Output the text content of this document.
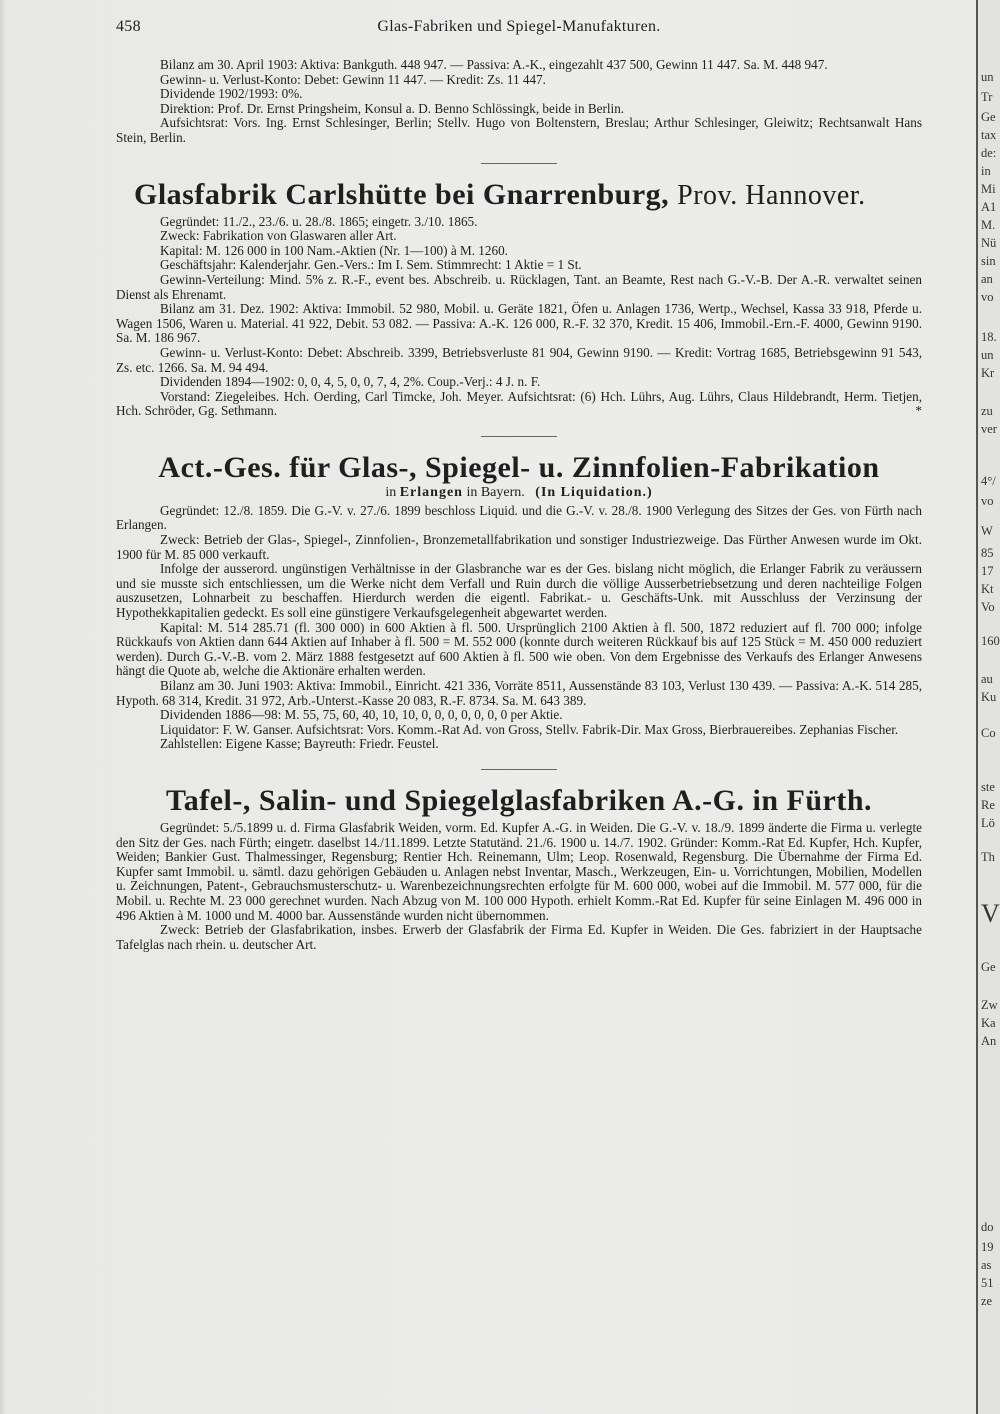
458	Glas-Fabriken und Spiegel-Manufakturen.

Bilanz am 30. April 1903: Aktiva: Bankguth. 448 947. — Passiva: A.-K., eingezahlt 437 500, Gewinn 11 447. Sa. M. 448 947.

Gewinn- u. Verlust-Konto: Debet: Gewinn 11 447. — Kredit: Zs. 11 447.

Dividende 1902/1993: 0%.

Direktion: Prof. Dr. Ernst Pringsheim, Konsul a. D. Benno Schlössingk, beide in Berlin.

Aufsichtsrat: Vors. Ing. Ernst Schlesinger, Berlin; Stellv. Hugo von Boltenstern, Breslau; Arthur Schlesinger, Gleiwitz; Rechtsanwalt Hans Stein, Berlin.

Glasfabrik Carlshütte bei Gnarrenburg, Prov. Hannover.

Gegründet: 11./2., 23./6. u. 28./8. 1865; eingetr. 3./10. 1865.

Zweck: Fabrikation von Glaswaren aller Art.

Kapital: M. 126 000 in 100 Nam.-Aktien (Nr. 1—100) à M. 1260.

Geschäftsjahr: Kalenderjahr. Gen.-Vers.: Im I. Sem. Stimmrecht: 1 Aktie = 1 St.

Gewinn-Verteilung: Mind. 5% z. R.-F., event bes. Abschreib. u. Rücklagen, Tant. an Beamte, Rest nach G.-V.-B. Der A.-R. verwaltet seinen Dienst als Ehrenamt.

Bilanz am 31. Dez. 1902: Aktiva: Immobil. 52 980, Mobil. u. Geräte 1821, Öfen u. Anlagen 1736, Wertp., Wechsel, Kassa 33 918, Pferde u. Wagen 1506, Waren u. Material. 41 922, Debit. 53 082. — Passiva: A.-K. 126 000, R.-F. 32 370, Kredit. 15 406, Immobil.-Ern.-F. 4000, Gewinn 9190. Sa. M. 186 967.

Gewinn- u. Verlust-Konto: Debet: Abschreib. 3399, Betriebsverluste 81 904, Gewinn 9190. — Kredit: Vortrag 1685, Betriebsgewinn 91 543, Zs. etc. 1266. Sa. M. 94 494.

Dividenden 1894—1902: 0, 0, 4, 5, 0, 0, 7, 4, 2%. Coup.-Verj.: 4 J. n. F.

Vorstand: Ziegeleibes. Hch. Oerding, Carl Timcke, Joh. Meyer. Aufsichtsrat: (6) Hch. Lührs, Aug. Lührs, Claus Hildebrandt, Herm. Tietjen, Hch. Schröder, Gg. Sethmann.	*

Act.-Ges. für Glas-, Spiegel- u. Zinnfolien-Fabrikation

in Erlangen in Bayern. (In Liquidation.)

Gegründet: 12./8. 1859. Die G.-V. v. 27./6. 1899 beschloss Liquid. und die G.-V. v. 28./8. 1900 Verlegung des Sitzes der Ges. von Fürth nach Erlangen.

Zweck: Betrieb der Glas-, Spiegel-, Zinnfolien-, Bronzemetallfabrikation und sonstiger Industriezweige. Das Fürther Anwesen wurde im Okt. 1900 für M. 85 000 verkauft.

Infolge der ausserord. ungünstigen Verhältnisse in der Glasbranche war es der Ges. bislang nicht möglich, die Erlanger Fabrik zu veräussern und sie musste sich entschliessen, um die Werke nicht dem Verfall und Ruin durch die völlige Ausserbetriebsetzung und deren nachteilige Folgen auszusetzen, Lohnarbeit zu beschaffen. Hierdurch werden die eigentl. Fabrikat.- u. Geschäfts-Unk. mit Ausschluss der Verzinsung der Hypothekkapitalien gedeckt. Es soll eine günstigere Verkaufsgelegenheit abgewartet werden.

Kapital: M. 514 285.71 (fl. 300 000) in 600 Aktien à fl. 500. Ursprünglich 2100 Aktien à fl. 500, 1872 reduziert auf fl. 700 000; infolge Rückkaufs von Aktien dann 644 Aktien auf Inhaber à fl. 500 = M. 552 000 (konnte durch weiteren Rückkauf bis auf 125 Stück = M. 450 000 reduziert werden). Durch G.-V.-B. vom 2. März 1888 festgesetzt auf 600 Aktien à fl. 500 wie oben. Von dem Ergebnisse des Verkaufs des Erlanger Anwesens hängt die Quote ab, welche die Aktionäre erhalten werden.

Bilanz am 30. Juni 1903: Aktiva: Immobil., Einricht. 421 336, Vorräte 8511, Aussenstände 83 103, Verlust 130 439. — Passiva: A.-K. 514 285, Hypoth. 68 314, Kredit. 31 972, Arb.-Unterst.-Kasse 20 083, R.-F. 8734. Sa. M. 643 389.

Dividenden 1886—98: M. 55, 75, 60, 40, 10, 10, 0, 0, 0, 0, 0, 0, 0 per Aktie.

Liquidator: F. W. Ganser. Aufsichtsrat: Vors. Komm.-Rat Ad. von Gross, Stellv. Fabrik-Dir. Max Gross, Bierbrauereibes. Zephanias Fischer.

Zahlstellen: Eigene Kasse; Bayreuth: Friedr. Feustel.

Tafel-, Salin- und Spiegelglasfabriken A.-G. in Fürth.

Gegründet: 5./5.1899 u. d. Firma Glasfabrik Weiden, vorm. Ed. Kupfer A.-G. in Weiden. Die G.-V. v. 18./9. 1899 änderte die Firma u. verlegte den Sitz der Ges. nach Fürth; eingetr. daselbst 14./11.1899. Letzte Statutänd. 21./6. 1900 u. 14./7. 1902. Gründer: Komm.-Rat Ed. Kupfer, Hch. Kupfer, Weiden; Bankier Gust. Thalmessinger, Regensburg; Rentier Hch. Reinemann, Ulm; Leop. Rosenwald, Regensburg. Die Übernahme der Firma Ed. Kupfer samt Immobil. u. sämtl. dazu gehörigen Gebäuden u. Anlagen nebst Inventar, Masch., Werkzeugen, Ein- u. Vorrichtungen, Mobilien, Modellen u. Zeichnungen, Patent-, Gebrauchsmusterschutz- u. Warenbezeichnungsrechten erfolgte für M. 600 000, wobei auf die Immobil. M. 577 000, für die Mobil. u. Rechte M. 23 000 gerechnet wurden. Nach Abzug von M. 100 000 Hypoth. erhielt Komm.-Rat Ed. Kupfer für seine Einlagen M. 496 000 in 496 Aktien à M. 1000 und M. 4000 bar. Aussenstände wurden nicht übernommen.

Zweck: Betrieb der Glasfabrikation, insbes. Erwerb der Glasfabrik der Firma Ed. Kupfer in Weiden. Die Ges. fabriziert in der Hauptsache Tafelglas nach rhein. u. deutscher Art.

un
Tr
Ge
tax
de:
in
Mi
A1
M.
Nü
sin
an
vo
18.
un
Kr
zu
ver
4°/
vo
W
85
17
Kt
Vo
160
au
Ku
Co
ste
Re
Lö
Th
V
Ge
Zw
Ka
An
do
19
as
51
ze
